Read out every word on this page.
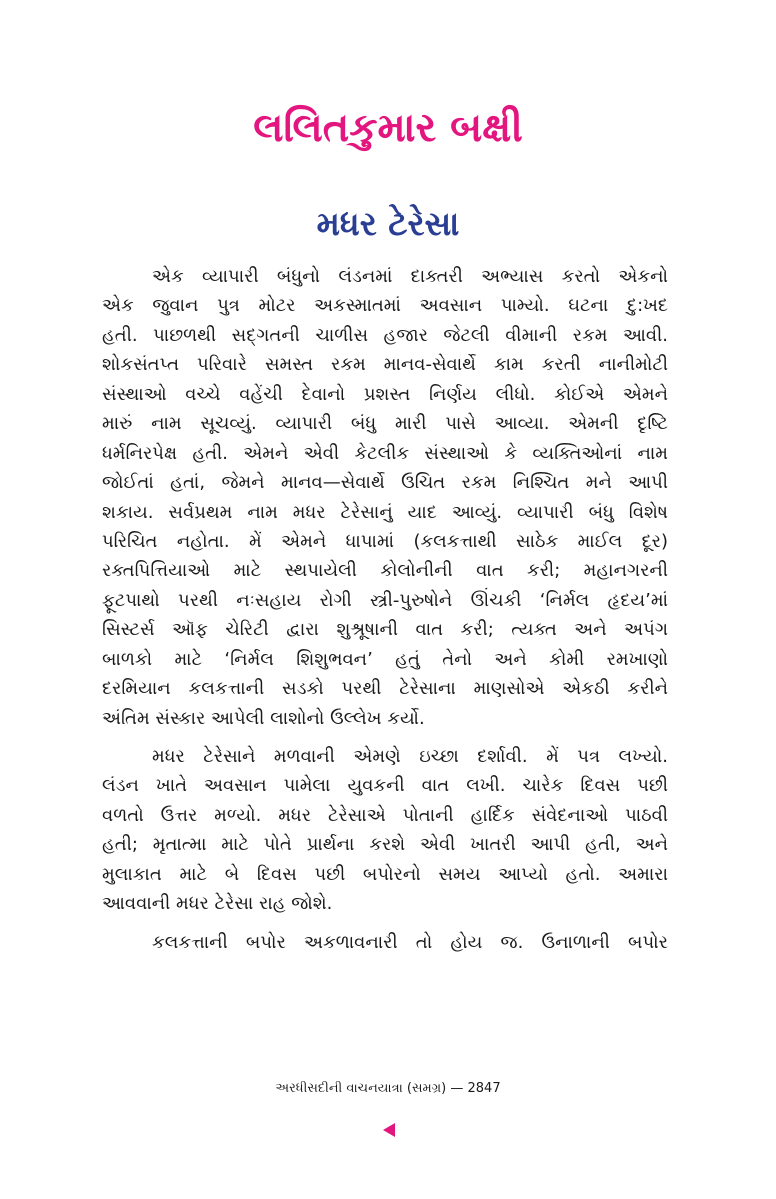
લલિતકુમાર બક્ષી
મધર ટેરેસા
એક વ્યાપારી બંધુનો લંડનમાં દાક્તરી અભ્યાસ કરતો એકનો
એક જુવાન પુત્ર મોટર અકસ્માતમાં અવસાન પામ્યો. ઘટના દુ:ખદ
હતી. પાછળથી સદ્ગતની ચાળીસ હજાર જેટલી વીમાની રકમ આવી.
શોકસંતપ્ત પરિવારે સમસ્ત રકમ માનવ-સેવાર્થે કામ કરતી નાનીમોટી
સંસ્થાઓ વચ્ચે વહેંચી દેવાનો પ્રશસ્ત નિર્ણય લીધો. કોઈએ એમને
મારું નામ સૂચવ્યું. વ્યાપારી બંધુ મારી પાસે આવ્યા. એમની દૃષ્ટિ
ધર્મનિરપેક્ષ હતી. એમને એવી કેટલીક સંસ્થાઓ કે વ્યક્તિઓનાં નામ
જોઈતાં હતાં, જેમને માનવ—સેવાર્થે ઉચિત રકમ નિશ્ચિત મને આપી
શકાય. સર્વપ્રથમ નામ મધર ટેરેસાનું યાદ આવ્યું. વ્યાપારી બંધુ વિશેષ
પરિચિત નહોતા. મેં એમને ધાપામાં (કલકત્તાથી સાઠેક માઈલ દૂર)
રક્તપિત્તિયાઓ માટે સ્થપાયેલી કોલોનીની વાત કરી; મહાનગરની
ફૂટપાથો પરથી નઃસહાય રોગી સ્ત્રી-પુરુષોને ઊંચકી ‘નિર્મલ હૃદય’માં
સિસ્ટર્સ ઑફ ચેરિટી દ્વારા શુશ્રૂષાની વાત કરી; ત્યક્ત અને અપંગ
બાળકો માટે ‘નિર્મલ શિશુભવન’ હતું તેનો અને કોમી રમખાણો
દરમિયાન કલકત્તાની સડકો પરથી ટેરેસાના માણસોએ એકઠી કરીને
અંતિમ સંસ્કાર આપેલી લાશોનો ઉલ્લેખ કર્યો.
મધર ટેરેસાને મળવાની એમણે ઇચ્છા દર્શાવી. મેં પત્ર લખ્યો.
લંડન ખાતે અવસાન પામેલા યુવકની વાત લખી. ચારેક દિવસ પછી
વળતો ઉત્તર મળ્યો. મધર ટેરેસાએ પોતાની હાર્દિક સંવેદનાઓ પાઠવી
હતી; મૃતાત્મા માટે પોતે પ્રાર્થના કરશે એવી ખાતરી આપી હતી, અને
મુલાકાત માટે બે દિવસ પછી બપોરનો સમય આપ્યો હતો. અમારા
આવવાની મધર ટેરેસા રાહ જોશે.
કલકત્તાની બપોર અકળાવનારી તો હોય જ. ઉનાળાની બપોર
અરધીસદીની વાચનયાત્રા (સમગ્ર) — 2847
